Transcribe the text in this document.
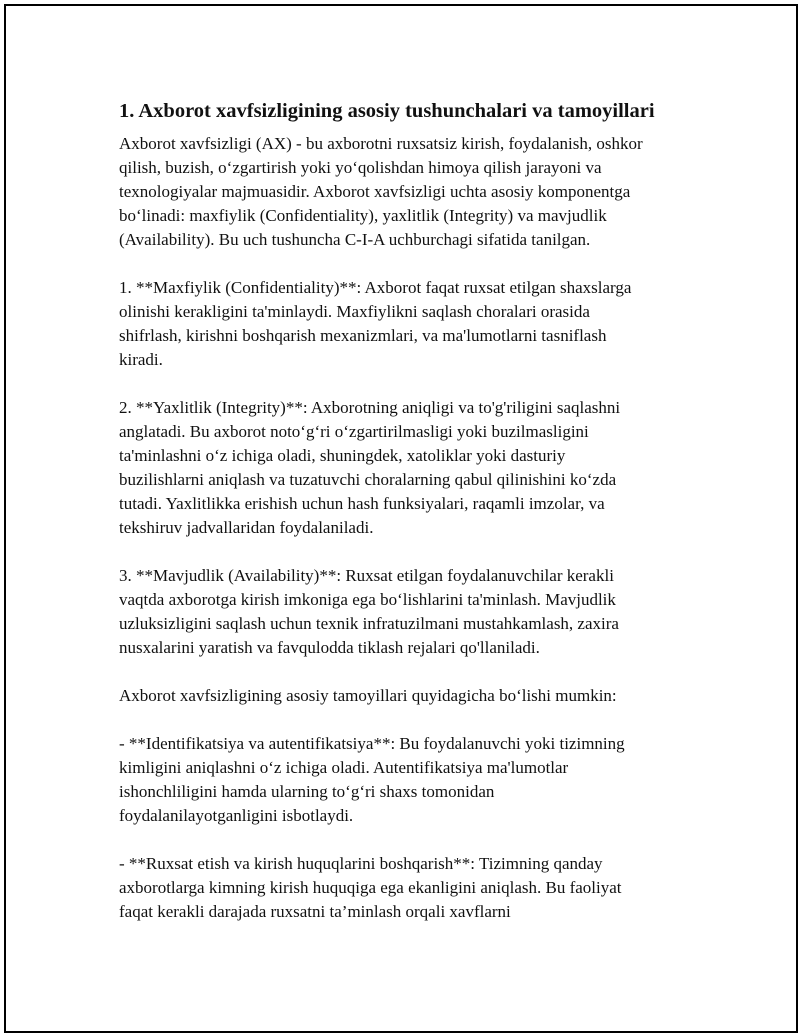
1. Axborot xavfsizligining asosiy tushunchalari va tamoyillari

Axborot xavfsizligi (AX) - bu axborotni ruxsatsiz kirish, foydalanish, oshkor
qilish, buzish, o‘zgartirish yoki yo‘qolishdan himoya qilish jarayoni va
texnologiyalar majmuasidir. Axborot xavfsizligi uchta asosiy komponentga
bo‘linadi: maxfiylik (Confidentiality), yaxlitlik (Integrity) va mavjudlik
(Availability). Bu uch tushuncha C-I-A uchburchagi sifatida tanilgan.

1. **Maxfiylik (Confidentiality)**: Axborot faqat ruxsat etilgan shaxslarga
olinishi kerakligini ta'minlaydi. Maxfiylikni saqlash choralari orasida
shifrlash, kirishni boshqarish mexanizmlari, va ma'lumotlarni tasniflash
kiradi.

2. **Yaxlitlik (Integrity)**: Axborotning aniqligi va to'g'riligini saqlashni
anglatadi. Bu axborot noto‘g‘ri o‘zgartirilmasligi yoki buzilmasligini
ta'minlashni o‘z ichiga oladi, shuningdek, xatoliklar yoki dasturiy
buzilishlarni aniqlash va tuzatuvchi choralarning qabul qilinishini ko‘zda
tutadi. Yaxlitlikka erishish uchun hash funksiyalari, raqamli imzolar, va
tekshiruv jadvallaridan foydalaniladi.

3. **Mavjudlik (Availability)**: Ruxsat etilgan foydalanuvchilar kerakli
vaqtda axborotga kirish imkoniga ega bo‘lishlarini ta'minlash. Mavjudlik
uzluksizligini saqlash uchun texnik infratuzilmani mustahkamlash, zaxira
nusxalarini yaratish va favqulodda tiklash rejalari qo'llaniladi.

Axborot xavfsizligining asosiy tamoyillari quyidagicha bo‘lishi mumkin:

- **Identifikatsiya va autentifikatsiya**: Bu foydalanuvchi yoki tizimning
kimligini aniqlashni o‘z ichiga oladi. Autentifikatsiya ma'lumotlar
ishonchliligini hamda ularning to‘g‘ri shaxs tomonidan
foydalanilayotganligini isbotlaydi.

- **Ruxsat etish va kirish huquqlarini boshqarish**: Tizimning qanday
axborotlarga kimning kirish huquqiga ega ekanligini aniqlash. Bu faoliyat
faqat kerakli darajada ruxsatni ta’minlash orqali xavflarni
